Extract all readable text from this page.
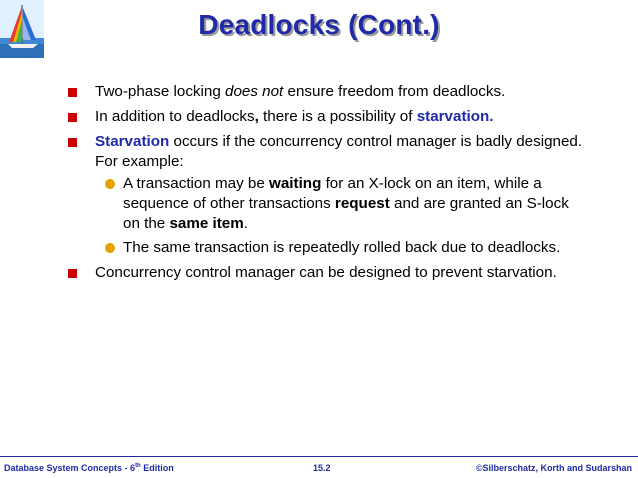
Deadlocks (Cont.)
Two-phase locking does not ensure freedom from deadlocks.
In addition to deadlocks, there is a possibility of starvation.
Starvation occurs if the concurrency control manager is badly designed. For example:
A transaction may be waiting for an X-lock on an item, while a sequence of other transactions request and are granted an S-lock on the same item.
The same transaction is repeatedly rolled back due to deadlocks.
Concurrency control manager can be designed to prevent starvation.
Database System Concepts - 6th Edition	15.2	©Silberschatz, Korth and Sudarshan
